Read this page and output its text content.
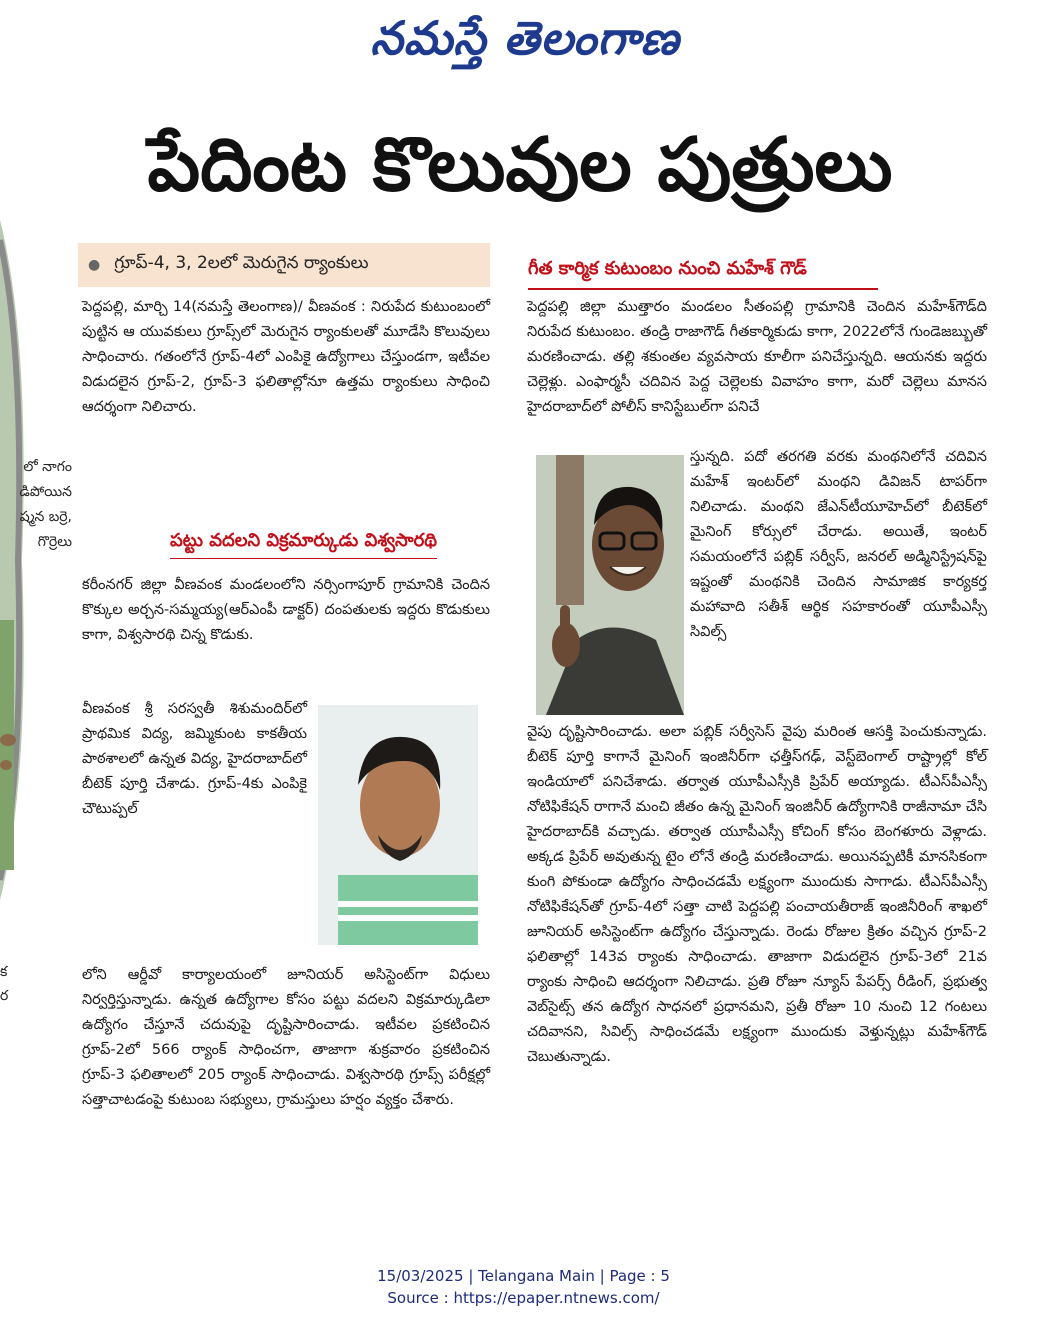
నమస్తే తెలంగాణ
పేదింట కొలువుల పుత్రులు
లో నాగం
డిపోయిన
ష్మన బర్రె,
గొర్రెలు
క
ర
● గ్రూప్-4, 3, 2లలో మెరుగైన ర్యాంకులు

పెద్దపల్లి, మార్చి 14(నమస్తే తెలంగాణ)/ వీణవంక : నిరుపేద కుటుంబంలో పుట్టిన ఆ యువకులు గ్రూప్స్‌లో మెరుగైన ర్యాంకులతో మూడేసి కొలువులు సాధించారు. గతంలోనే గ్రూప్-4లో ఎంపికై ఉద్యోగాలు చేస్తుండగా, ఇటీవల విడుదలైన గ్రూప్-2, గ్రూప్-3 ఫలితాల్లోనూ ఉత్తమ ర్యాంకులు సాధించి ఆదర్శంగా నిలిచారు.

పట్టు వదలని విక్రమార్కుడు విశ్వసారథి

కరీంనగర్ జిల్లా వీణవంక మండలంలోని నర్సింగాపూర్ గ్రామానికి చెందిన కొక్కుల అర్చన-సమ్మయ్య(ఆర్ఎంపీ డాక్టర్) దంపతులకు ఇద్దరు కొడుకులు కాగా, విశ్వసారథి చిన్న కొడుకు.

వీణవంక శ్రీ సరస్వతీ శిశుమందిర్‌లో ప్రాథమిక విద్య, జమ్మికుంట కాకతీయ పాఠశాలలో ఉన్నత విద్య, హైదరాబాద్‌లో బీటెక్ పూర్తి చేశాడు. గ్రూప్-4కు ఎంపికై చౌటుప్పల్

లోని ఆర్డీవో కార్యాలయంలో జూనియర్ అసిస్టెంట్‌గా విధులు నిర్వర్తిస్తున్నాడు. ఉన్నత ఉద్యోగాల కోసం పట్టు వదలని విక్రమార్కుడిలా ఉద్యోగం చేస్తూనే చదువుపై దృష్టిసారించాడు. ఇటీవల ప్రకటించిన గ్రూప్-2లో 566 ర్యాంక్ సాధించగా, తాజాగా శుక్రవారం ప్రకటించిన గ్రూప్-3 ఫలితాలలో 205 ర్యాంక్ సాధించాడు. విశ్వసారథి గ్రూప్స్ పరీక్షల్లో సత్తాచాటడంపై కుటుంబ సభ్యులు, గ్రామస్తులు హర్షం వ్యక్తం చేశారు.

గీత కార్మిక కుటుంబం నుంచి మహేశ్ గౌడ్

పెద్దపల్లి జిల్లా ముత్తారం మండలం సీతంపల్లి గ్రామానికి చెందిన మహేశ్‌గౌడ్‌ది నిరుపేద కుటుంబం. తండ్రి రాజాగౌడ్ గీతకార్మికుడు కాగా, 2022లోనే గుండెజబ్బుతో మరణించాడు. తల్లి శకుంతల వ్యవసాయ కూలీగా పనిచేస్తున్నది. ఆయనకు ఇద్దరు చెల్లెళ్లు. ఎంఫార్మసీ చదివిన పెద్ద చెల్లెలకు వివాహం కాగా, మరో చెల్లెలు మానస హైదరాబాద్‌లో పోలీస్ కానిస్టేబుల్‌గా పనిచే

స్తున్నది. పదో తరగతి వరకు మంథనిలోనే చదివిన మహేశ్ ఇంటర్‌లో మంథని డివిజన్ టాపర్‌గా నిలిచాడు. మంథని జేఎన్‌టీయూహెచ్‌లో బీటెక్‌లో మైనింగ్ కోర్సులో చేరాడు. అయితే, ఇంటర్ సమయంలోనే పబ్లిక్ సర్వీస్, జనరల్ అడ్మినిస్ట్రేషన్‌పై ఇష్టంతో మంథనికి చెందిన సామాజిక కార్యకర్త మహావాది సతీశ్ ఆర్థిక సహకారంతో యూపీఎస్సీ సివిల్స్

వైపు దృష్టిసారించాడు. అలా పబ్లిక్ సర్వీసెస్ వైపు మరింత ఆసక్తి పెంచుకున్నాడు. బీటెక్ పూర్తి కాగానే మైనింగ్ ఇంజినీర్‌గా ఛత్తీస్‌గఢ్, వెస్ట్‌బెంగాల్ రాష్ట్రాల్లో కోల్ ఇండియాలో పనిచేశాడు. తర్వాత యూపీఎస్సీకి ప్రిపేర్ అయ్యాడు. టీఎస్‌పీఎస్సీ నోటిఫికేషన్ రాగానే మంచి జీతం ఉన్న మైనింగ్ ఇంజినీర్ ఉద్యోగానికి రాజీనామా చేసి హైదరాబాద్‌కి వచ్చాడు. తర్వాత యూపీఎస్సీ కోచింగ్ కోసం బెంగళూరు వెళ్లాడు. అక్కడ ప్రిపేర్ అవుతున్న టైం లోనే తండ్రి మరణించాడు. అయినప్పటికీ మానసికంగా కుంగి పోకుండా ఉద్యోగం సాధించడమే లక్ష్యంగా ముందుకు సాగాడు. టీఎస్‌పీఎస్సీ నోటిఫికేషన్‌తో గ్రూప్-4లో సత్తా చాటి పెద్దపల్లి పంచాయతీరాజ్ ఇంజినీరింగ్ శాఖలో జూనియర్ అసిస్టెంట్‌గా ఉద్యోగం చేస్తున్నాడు. రెండు రోజుల క్రితం వచ్చిన గ్రూప్-2 ఫలితాల్లో 143వ ర్యాంకు సాధించాడు. తాజాగా విడుదలైన గ్రూప్-3లో 21వ ర్యాంకు సాధించి ఆదర్శంగా నిలిచాడు. ప్రతి రోజూ న్యూస్ పేపర్స్ రీడింగ్, ప్రభుత్వ వెబ్‌సైట్స్ తన ఉద్యోగ సాధనలో ప్రధానమని, ప్రతీ రోజూ 10 నుంచి 12 గంటలు చదివానని, సివిల్స్ సాధించడమే లక్ష్యంగా ముందుకు వెళ్తున్నట్లు మహేశ్‌గౌడ్ చెబుతున్నాడు.

15/03/2025 | Telangana Main | Page : 5
Source : https://epaper.ntnews.com/
